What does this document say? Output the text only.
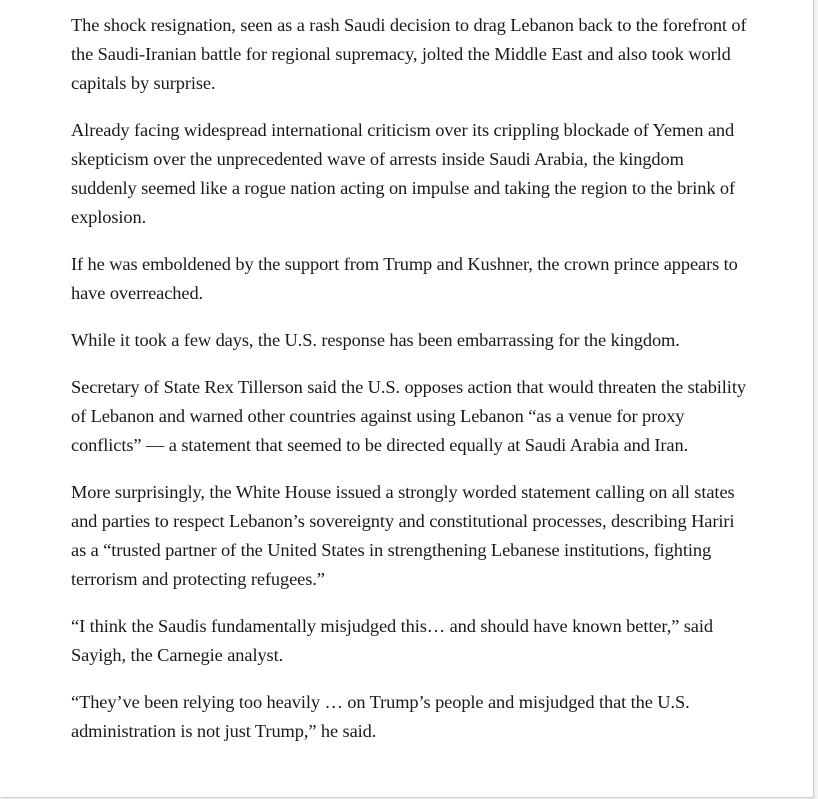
The shock resignation, seen as a rash Saudi decision to drag Lebanon back to the forefront of the Saudi-Iranian battle for regional supremacy, jolted the Middle East and also took world capitals by surprise.

Already facing widespread international criticism over its crippling blockade of Yemen and skepticism over the unprecedented wave of arrests inside Saudi Arabia, the kingdom suddenly seemed like a rogue nation acting on impulse and taking the region to the brink of explosion.

If he was emboldened by the support from Trump and Kushner, the crown prince appears to have overreached.

While it took a few days, the U.S. response has been embarrassing for the kingdom.

Secretary of State Rex Tillerson said the U.S. opposes action that would threaten the stability of Lebanon and warned other countries against using Lebanon “as a venue for proxy conflicts” — a statement that seemed to be directed equally at Saudi Arabia and Iran.

More surprisingly, the White House issued a strongly worded statement calling on all states and parties to respect Lebanon’s sovereignty and constitutional processes, describing Hariri as a “trusted partner of the United States in strengthening Lebanese institutions, fighting terrorism and protecting refugees.”

“I think the Saudis fundamentally misjudged this… and should have known better,” said Sayigh, the Carnegie analyst.

“They’ve been relying too heavily … on Trump’s people and misjudged that the U.S. administration is not just Trump,” he said.
